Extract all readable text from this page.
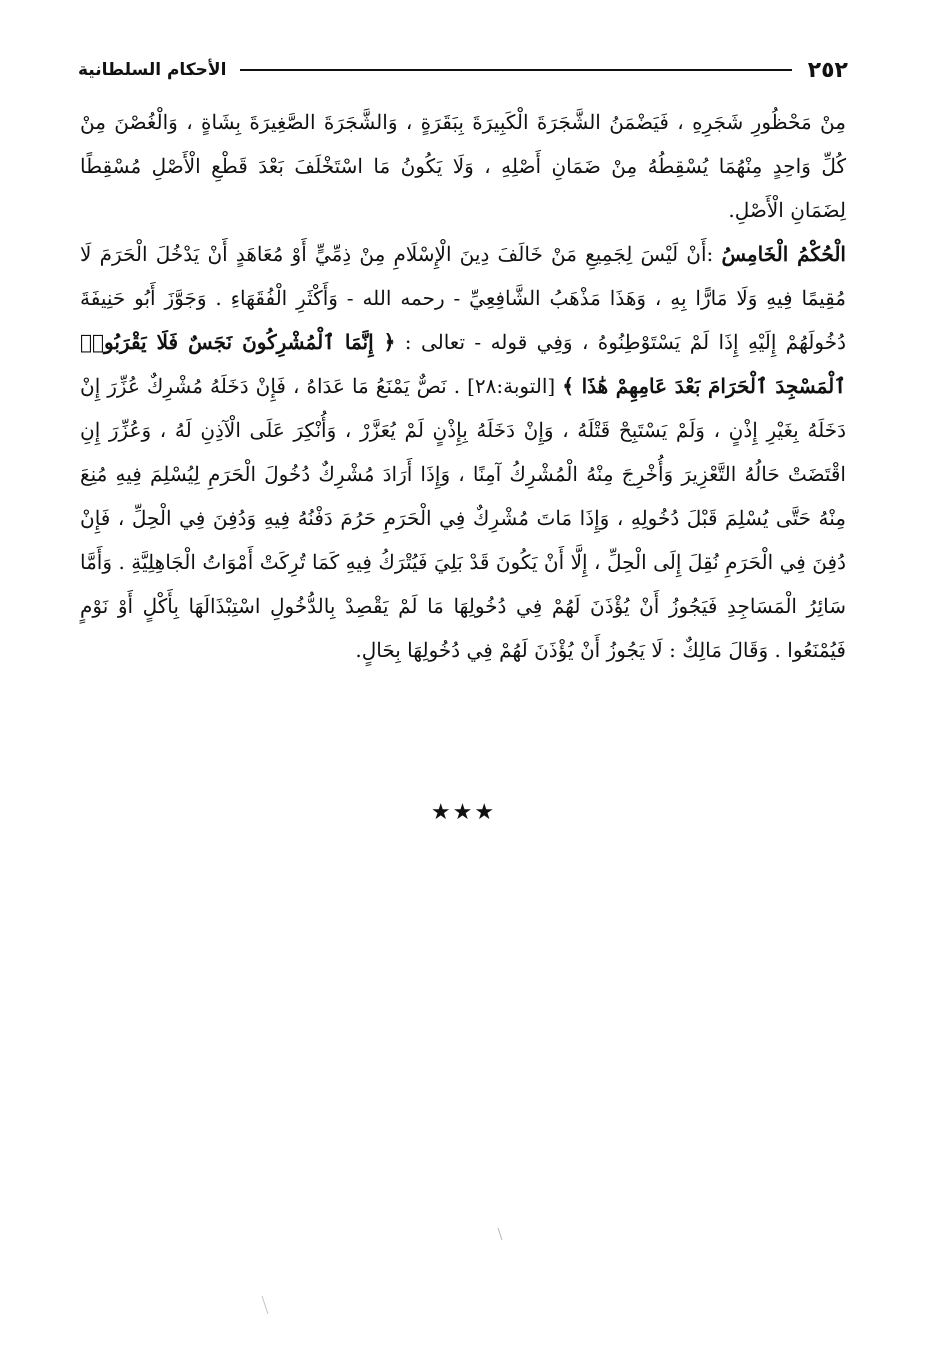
٢٥٢
الأحكام السلطانية

مِنْ مَحْظُورِ شَجَرِهِ ، فَيَضْمَنُ الشَّجَرَةَ الْكَبِيرَةَ بِبَقَرَةٍ ، وَالشَّجَرَةَ الصَّغِيرَةَ بِشَاةٍ ، وَالْغُصْنَ مِنْ كُلِّ وَاحِدٍ مِنْهُمَا يُسْقِطُهُ مِنْ ضَمَانِ أَصْلِهِ ، وَلَا يَكُونُ مَا اسْتَخْلَفَ بَعْدَ قَطْعِ الْأَصْلِ مُسْقِطًا لِضَمَانِ الْأَصْلِ.

الْحُكْمُ الْخَامِسُ :أَنْ لَيْسَ لِجَمِيعِ مَنْ خَالَفَ دِينَ الْإِسْلَامِ مِنْ ذِمِّيٍّ أَوْ مُعَاهَدٍ أَنْ يَدْخُلَ الْحَرَمَ لَا مُقِيمًا فِيهِ وَلَا مَارًّا بِهِ ، وَهَذَا مَذْهَبُ الشَّافِعِيِّ - رحمه الله - وَأَكْثَرِ الْفُقَهَاءِ . وَجَوَّزَ أَبُو حَنِيفَةَ دُخُولَهُمْ إِلَيْهِ إِذَا لَمْ يَسْتَوْطِنُوهُ ، وَفِي قوله - تعالى : ﴿ إِنَّمَا ٱلْمُشْرِكُونَ نَجَسٌ فَلَا يَقْرَبُوا۟ ٱلْمَسْجِدَ ٱلْحَرَامَ بَعْدَ عَامِهِمْ هَٰذَا ﴾ [التوبة:٢٨] . نَصٌّ يَمْنَعُ مَا عَدَاهُ ، فَإِنْ دَخَلَهُ مُشْرِكٌ عُزِّرَ إِنْ دَخَلَهُ بِغَيْرِ إِذْنٍ ، وَلَمْ يَسْتَبِحْ قَتْلَهُ ، وَإِنْ دَخَلَهُ بِإِذْنٍ لَمْ يُعَزَّرْ ، وَأُنْكِرَ عَلَى الْآذِنِ لَهُ ، وَعُزِّرَ إِنِ اقْتَضَتْ حَالُهُ التَّعْزِيرَ وَأُخْرِجَ مِنْهُ الْمُشْرِكُ آمِنًا ، وَإِذَا أَرَادَ مُشْرِكٌ دُخُولَ الْحَرَمِ لِيُسْلِمَ فِيهِ مُنِعَ مِنْهُ حَتَّى يُسْلِمَ قَبْلَ دُخُولِهِ ، وَإِذَا مَاتَ مُشْرِكٌ فِي الْحَرَمِ حَرُمَ دَفْنُهُ فِيهِ وَدُفِنَ فِي الْحِلِّ ، فَإِنْ دُفِنَ فِي الْحَرَمِ نُقِلَ إِلَى الْحِلِّ ، إِلَّا أَنْ يَكُونَ قَدْ بَلِيَ فَيُتْرَكُ فِيهِ كَمَا تُرِكَتْ أَمْوَاتُ الْجَاهِلِيَّةِ . وَأَمَّا سَائِرُ الْمَسَاجِدِ فَيَجُوزُ أَنْ يُؤْذَنَ لَهُمْ فِي دُخُولِهَا مَا لَمْ يَقْصِدْ بِالدُّخُولِ اسْتِبْذَالَهَا بِأَكْلٍ أَوْ نَوْمٍ فَيُمْنَعُوا . وَقَالَ مَالِكٌ : لَا يَجُوزُ أَنْ يُؤْذَنَ لَهُمْ فِي دُخُولِهَا بِحَالٍ.

★★★
